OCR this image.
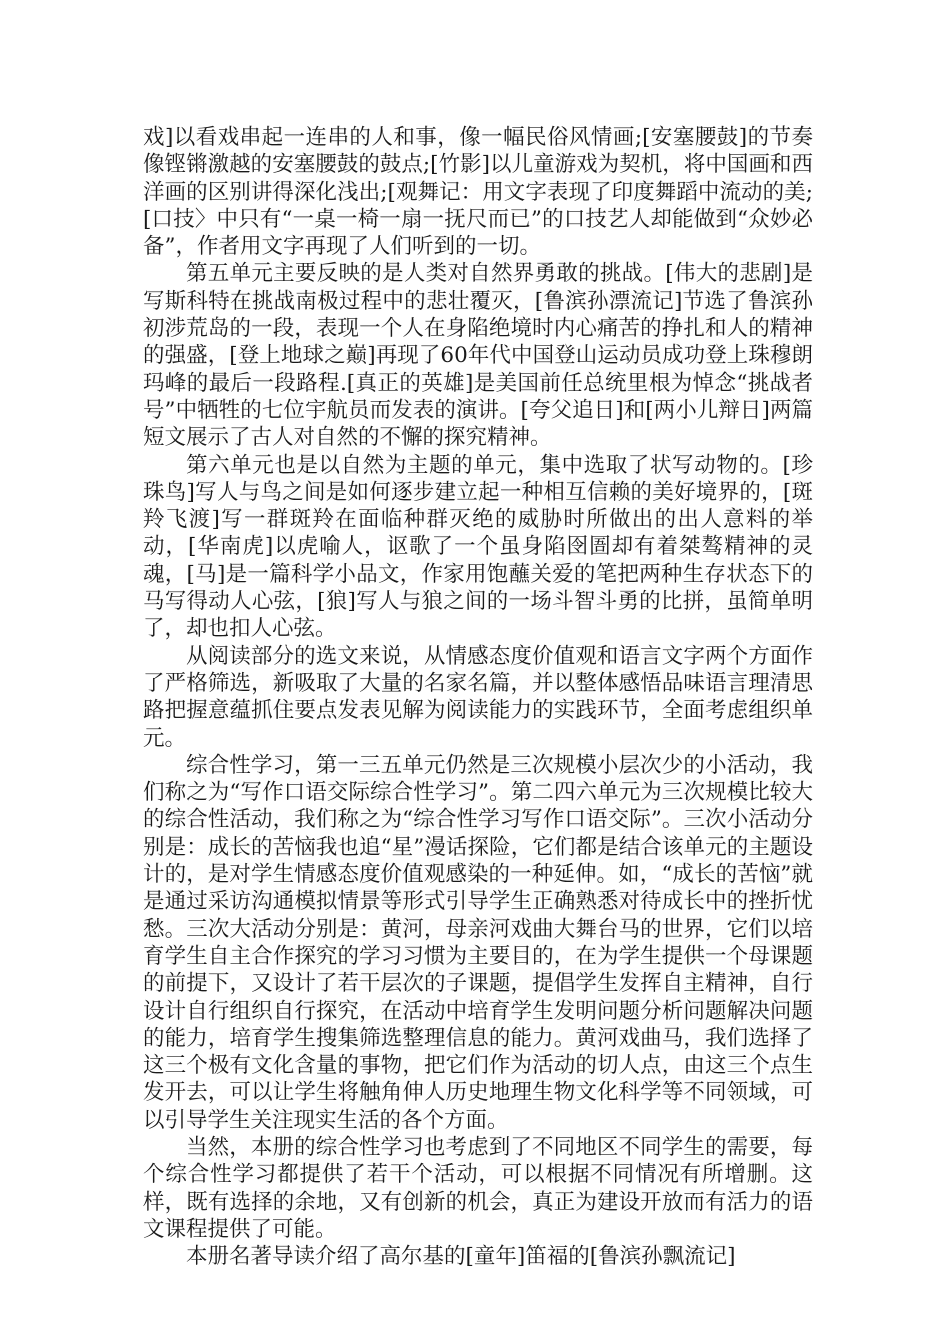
戏]以看戏串起一连串的人和事，像一幅民俗风情画;[安塞腰鼓]的节奏像铿锵激越的安塞腰鼓的鼓点;[竹影]以儿童游戏为契机，将中国画和西洋画的区别讲得深化浅出;[观舞记：用文字表现了印度舞蹈中流动的美;[口技〉中只有“一桌一椅一扇一抚尺而已”的口技艺人却能做到“众妙必备”，作者用文字再现了人们听到的一切。

第五单元主要反映的是人类对自然界勇敢的挑战。[伟大的悲剧]是写斯科特在挑战南极过程中的悲壮覆灭，[鲁滨孙漂流记]节选了鲁滨孙初涉荒岛的一段，表现一个人在身陷绝境时内心痛苦的挣扎和人的精神的强盛，[登上地球之巅]再现了60年代中国登山运动员成功登上珠穆朗玛峰的最后一段路程.[真正的英雄]是美国前任总统里根为悼念“挑战者号”中牺牲的七位宇航员而发表的演讲。[夸父追日]和[两小儿辩日]两篇短文展示了古人对自然的不懈的探究精神。

第六单元也是以自然为主题的单元，集中选取了状写动物的。[珍珠鸟]写人与鸟之间是如何逐步建立起一种相互信赖的美好境界的，[斑羚飞渡]写一群斑羚在面临种群灭绝的威胁时所做出的出人意料的举动，[华南虎]以虎喻人，讴歌了一个虽身陷囹圄却有着桀骜精神的灵魂，[马]是一篇科学小品文，作家用饱蘸关爱的笔把两种生存状态下的马写得动人心弦，[狼]写人与狼之间的一场斗智斗勇的比拼，虽简单明了，却也扣人心弦。

从阅读部分的选文来说，从情感态度价值观和语言文字两个方面作了严格筛选，新吸取了大量的名家名篇，并以整体感悟品味语言理清思路把握意蕴抓住要点发表见解为阅读能力的实践环节，全面考虑组织单元。

综合性学习，第一三五单元仍然是三次规模小层次少的小活动，我们称之为“写作口语交际综合性学习”。第二四六单元为三次规模比较大的综合性活动，我们称之为“综合性学习写作口语交际”。三次小活动分别是：成长的苦恼我也追“星”漫话探险，它们都是结合该单元的主题设计的，是对学生情感态度价值观感染的一种延伸。如，“成长的苦恼”就是通过采访沟通模拟情景等形式引导学生正确熟悉对待成长中的挫折忧愁。三次大活动分别是：黄河，母亲河戏曲大舞台马的世界，它们以培育学生自主合作探究的学习习惯为主要目的，在为学生提供一个母课题的前提下，又设计了若干层次的子课题，提倡学生发挥自主精神，自行设计自行组织自行探究，在活动中培育学生发明问题分析问题解决问题的能力，培育学生搜集筛选整理信息的能力。黄河戏曲马，我们选择了这三个极有文化含量的事物，把它们作为活动的切人点，由这三个点生发开去，可以让学生将触角伸人历史地理生物文化科学等不同领域，可以引导学生关注现实生活的各个方面。

当然，本册的综合性学习也考虑到了不同地区不同学生的需要，每个综合性学习都提供了若干个活动，可以根据不同情况有所增删。这样，既有选择的余地，又有创新的机会，真正为建设开放而有活力的语文课程提供了可能。

本册名著导读介绍了高尔基的[童年]笛福的[鲁滨孙飘流记]
